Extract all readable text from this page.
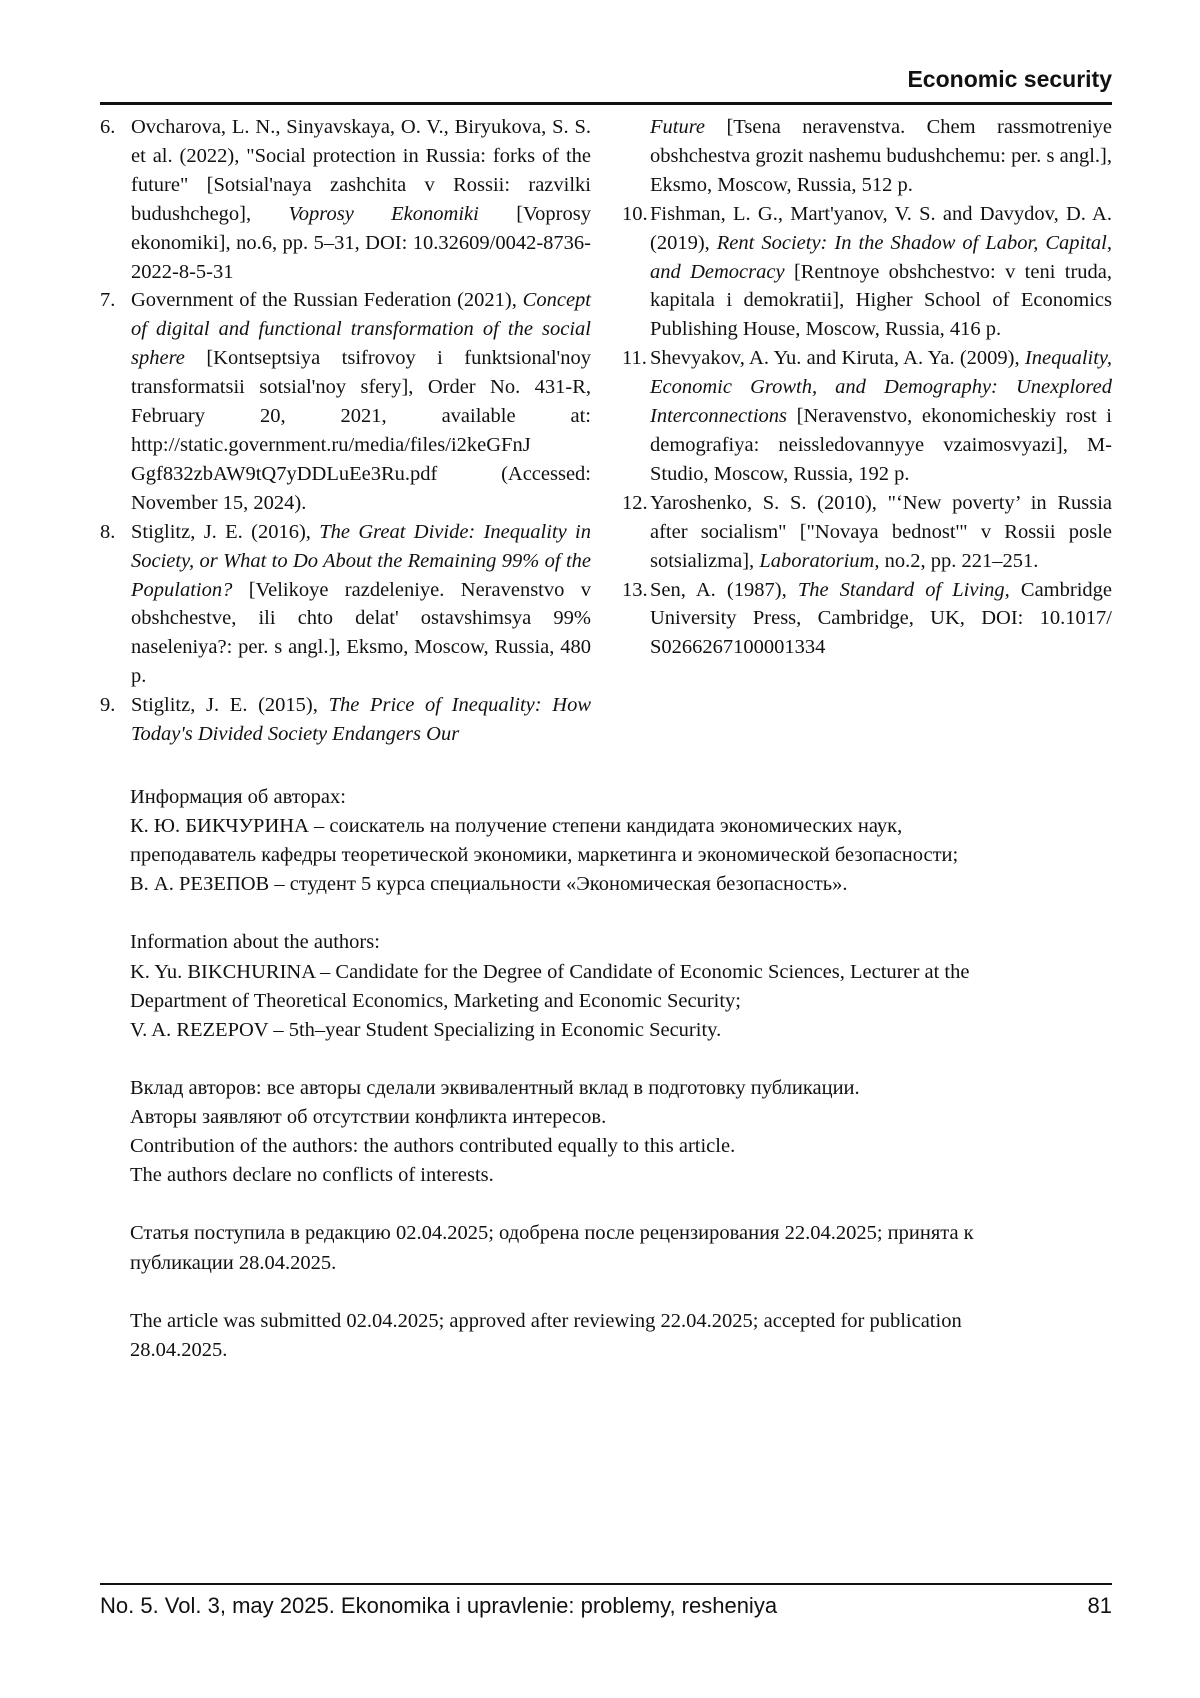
Economic security
6. Ovcharova, L. N., Sinyavskaya, O. V., Biryukova, S. S. et al. (2022), "Social protection in Russia: forks of the future" [Sotsial'naya zashchita v Rossii: razvilki budushchego], Voprosy Ekonomiki [Voprosy ekonomiki], no.6, pp. 5–31, DOI: 10.32609/0042-8736-2022-8-5-31
7. Government of the Russian Federation (2021), Concept of digital and functional transformation of the social sphere [Kontseptsiya tsifrovoy i funktsional'noy transformatsii sotsial'noy sfery], Order No. 431-R, February 20, 2021, available at: http://static.government.ru/media/files/i2keGFnJ Ggf832zbAW9tQ7yDDLuEe3Ru.pdf (Accessed: November 15, 2024).
8. Stiglitz, J. E. (2016), The Great Divide: Inequality in Society, or What to Do About the Remaining 99% of the Population? [Velikoye razdeleniye. Neravenstvo v obshchestve, ili chto delat' ostavshimsya 99% naseleniya?: per. s angl.], Eksmo, Moscow, Russia, 480 p.
9. Stiglitz, J. E. (2015), The Price of Inequality: How Today's Divided Society Endangers Our
Future [Tsena neravenstva. Chem rassmotreniye obshchestva grozit nashemu budushchemu: per. s angl.], Eksmo, Moscow, Russia, 512 p.
10. Fishman, L. G., Mart'yanov, V. S. and Davydov, D. A. (2019), Rent Society: In the Shadow of Labor, Capital, and Democracy [Rentnoye obshchestvo: v teni truda, kapitala i demokratii], Higher School of Economics Publishing House, Moscow, Russia, 416 p.
11. Shevyakov, A. Yu. and Kiruta, A. Ya. (2009), Inequality, Economic Growth, and Demography: Unexplored Interconnections [Neravenstvo, ekonomicheskiy rost i demografiya: neissledovannyye vzaimosvyazi], M-Studio, Moscow, Russia, 192 p.
12. Yaroshenko, S. S. (2010), "‘New poverty’ in Russia after socialism" ["Novaya bednost'" v Rossii posle sotsializma], Laboratorium, no.2, pp. 221–251.
13. Sen, A. (1987), The Standard of Living, Cambridge University Press, Cambridge, UK, DOI: 10.1017/ S0266267100001334

Информация об авторах:
К. Ю. БИКЧУРИНА – соискатель на получение степени кандидата экономических наук,
преподаватель кафедры теоретической экономики, маркетинга и экономической безопасности;
В. А. РЕЗЕПОВ – студент 5 курса специальности «Экономическая безопасность».

Information about the authors:
K. Yu. BIKCHURINA – Candidate for the Degree of Candidate of Economic Sciences, Lecturer at the
Department of Theoretical Economics, Marketing and Economic Security;
V. A. REZEPOV – 5th–year Student Specializing in Economic Security.

Вклад авторов: все авторы сделали эквивалентный вклад в подготовку публикации.
Авторы заявляют об отсутствии конфликта интересов.
Contribution of the authors: the authors contributed equally to this article.
The authors declare no conflicts of interests.

Статья поступила в редакцию 02.04.2025; одобрена после рецензирования 22.04.2025; принята к
публикации 28.04.2025.

The article was submitted 02.04.2025; approved after reviewing 22.04.2025; accepted for publication
28.04.2025.

No. 5. Vol. 3, may 2025. Ekonomika i upravlenie: problemy, resheniya	81
